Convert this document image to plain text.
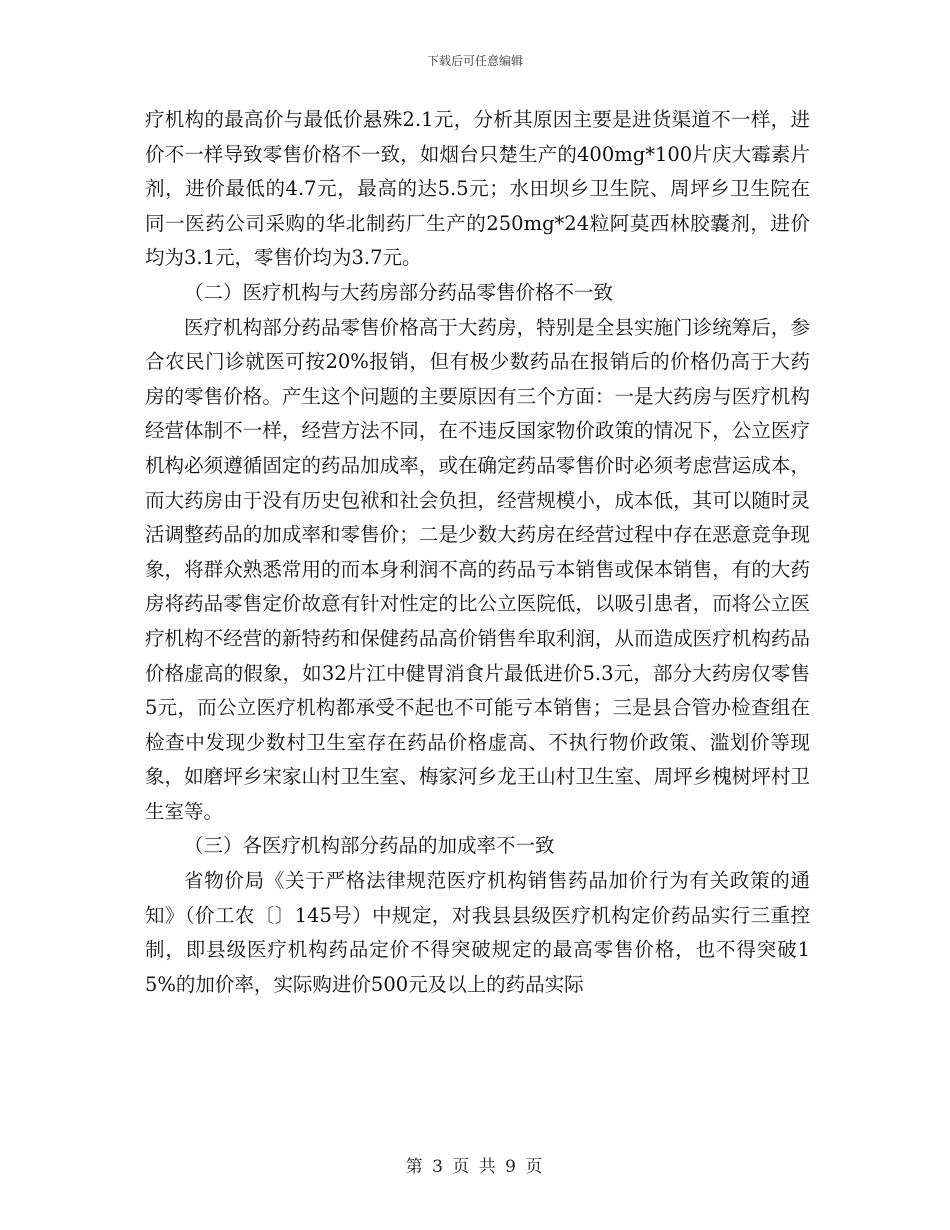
下载后可任意编辑

疗机构的最高价与最低价悬殊2.1元，分析其原因主要是进货渠道不一样，进价不一样导致零售价格不一致，如烟台只楚生产的400mg*100片庆大霉素片剂，进价最低的4.7元，最高的达5.5元；水田坝乡卫生院、周坪乡卫生院在同一医药公司采购的华北制药厂生产的250mg*24粒阿莫西林胶囊剂，进价均为3.1元，零售价均为3.7元。

（二）医疗机构与大药房部分药品零售价格不一致

医疗机构部分药品零售价格高于大药房，特别是全县实施门诊统筹后，参合农民门诊就医可按20%报销，但有极少数药品在报销后的价格仍高于大药房的零售价格。产生这个问题的主要原因有三个方面：一是大药房与医疗机构经营体制不一样，经营方法不同，在不违反国家物价政策的情况下，公立医疗机构必须遵循固定的药品加成率，或在确定药品零售价时必须考虑营运成本，而大药房由于没有历史包袱和社会负担，经营规模小，成本低，其可以随时灵活调整药品的加成率和零售价；二是少数大药房在经营过程中存在恶意竞争现象，将群众熟悉常用的而本身利润不高的药品亏本销售或保本销售，有的大药房将药品零售定价故意有针对性定的比公立医院低，以吸引患者，而将公立医疗机构不经营的新特药和保健药品高价销售牟取利润，从而造成医疗机构药品价格虚高的假象，如32片江中健胃消食片最低进价5.3元，部分大药房仅零售5元，而公立医疗机构都承受不起也不可能亏本销售；三是县合管办检查组在检查中发现少数村卫生室存在药品价格虚高、不执行物价政策、滥划价等现象，如磨坪乡宋家山村卫生室、梅家河乡龙王山村卫生室、周坪乡槐树坪村卫生室等。

（三）各医疗机构部分药品的加成率不一致

省物价局《关于严格法律规范医疗机构销售药品加价行为有关政策的通知》（价工农〔〕145号）中规定，对我县县级医疗机构定价药品实行三重控制，即县级医疗机构药品定价不得突破规定的最高零售价格，也不得突破15%的加价率，实际购进价500元及以上的药品实际

第 3 页 共 9 页
